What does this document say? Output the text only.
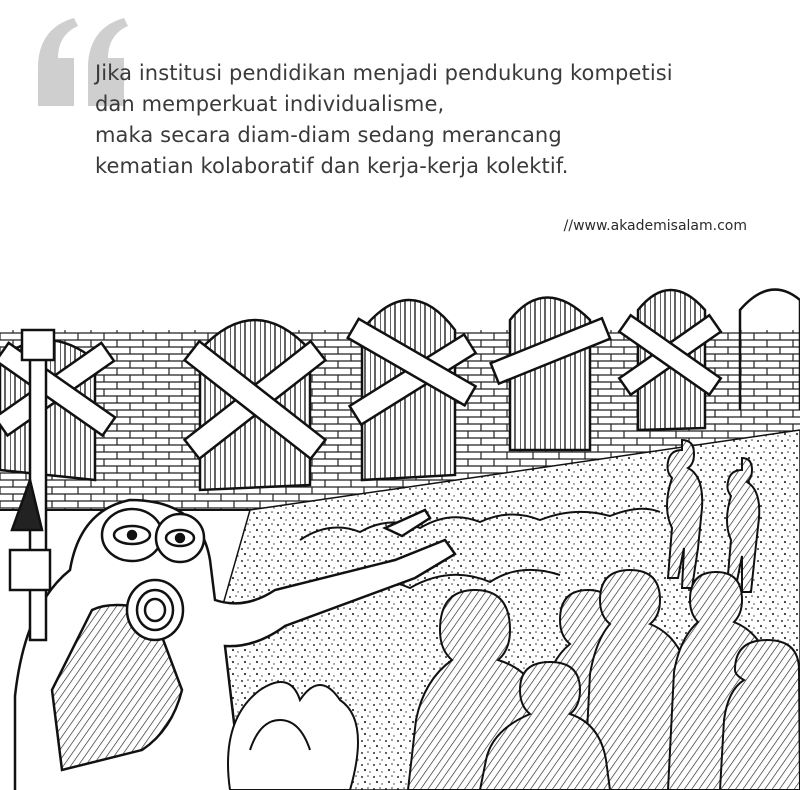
Jika institusi pendidikan menjadi pendukung kompetisi
dan memperkuat individualisme,
maka secara diam-diam sedang merancang
kematian kolaboratif dan kerja-kerja kolektif.

//www.akademisalam.com
